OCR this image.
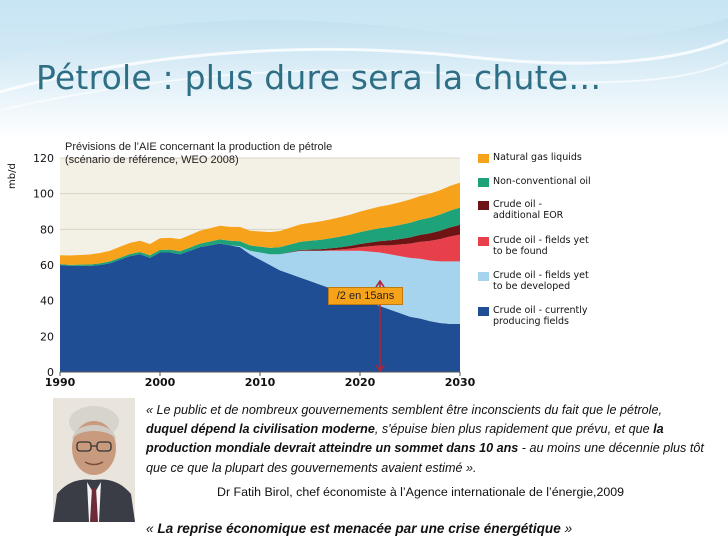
Pétrole : plus dure sera la chute…
0
20
40
60
80
100
120
1990	2000	2010	2020	2030
mb/d
Prévisions de l’AIE concernant la production de pétrole
(scénario de référence, WEO 2008)
/2 en 15ans
Natural gas liquids

Non-conventional oil

Crude oil -
additional EOR
Crude oil - fields yet
to be found
Crude oil - fields yet
to be developed
Crude oil - currently
producing fields
« Le public et de nombreux gouvernements semblent être inconscients du fait que le pétrole, duquel dépend la civilisation moderne, s'épuise bien plus rapidement que prévu, et que la production mondiale devrait atteindre un sommet dans 10 ans - au moins une décennie plus tôt que ce que la plupart des gouvernements avaient estimé ».
Dr Fatih Birol, chef économiste à l’Agence internationale de l’énergie,2009
« La reprise économique est menacée par une crise énergétique »
